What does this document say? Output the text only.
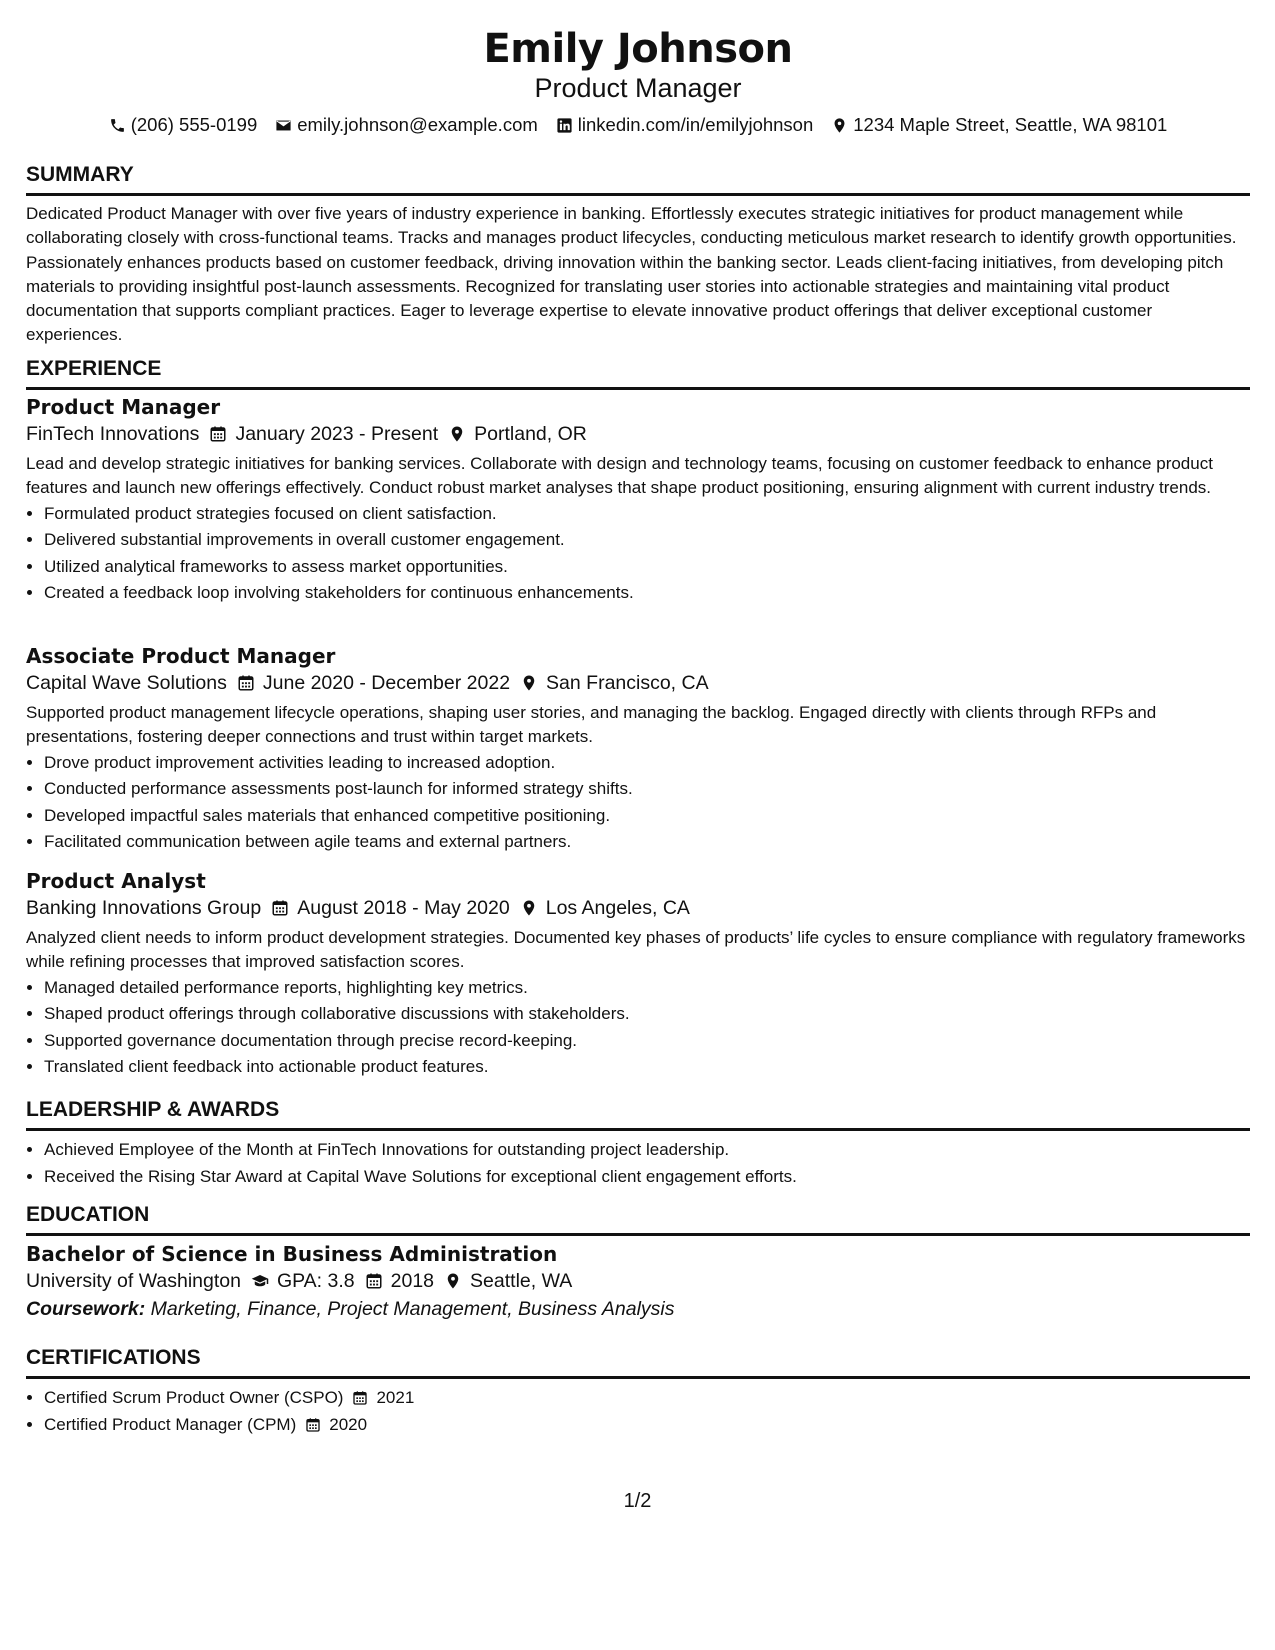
Emily Johnson

Product Manager

(206) 555-0199 emily.johnson@example.com linkedin.com/in/emilyjohnson 1234 Maple Street, Seattle, WA 98101
SUMMARY

Dedicated Product Manager with over five years of industry experience in banking. Effortlessly executes strategic initiatives for product management while collaborating closely with cross-functional teams. Tracks and manages product lifecycles, conducting meticulous market research to identify growth opportunities. Passionately enhances products based on customer feedback, driving innovation within the banking sector. Leads client-facing initiatives, from developing pitch materials to providing insightful post-launch assessments. Recognized for translating user stories into actionable strategies and maintaining vital product documentation that supports compliant practices. Eager to leverage expertise to elevate innovative product offerings that deliver exceptional customer experiences.

EXPERIENCE
Product Manager
FinTech Innovations January 2023 - Present Portland, OR

Lead and develop strategic initiatives for banking services. Collaborate with design and technology teams, focusing on customer feedback to enhance product features and launch new offerings effectively. Conduct robust market analyses that shape product positioning, ensuring alignment with current industry trends.

• Formulated product strategies focused on client satisfaction.
• Delivered substantial improvements in overall customer engagement.
• Utilized analytical frameworks to assess market opportunities.
• Created a feedback loop involving stakeholders for continuous enhancements.
Associate Product Manager
Capital Wave Solutions June 2020 - December 2022 San Francisco, CA

Supported product management lifecycle operations, shaping user stories, and managing the backlog. Engaged directly with clients through RFPs and presentations, fostering deeper connections and trust within target markets.

• Drove product improvement activities leading to increased adoption.
• Conducted performance assessments post-launch for informed strategy shifts.
• Developed impactful sales materials that enhanced competitive positioning.
• Facilitated communication between agile teams and external partners.
Product Analyst
Banking Innovations Group August 2018 - May 2020 Los Angeles, CA

Analyzed client needs to inform product development strategies. Documented key phases of products’ life cycles to ensure compliance with regulatory frameworks while refining processes that improved satisfaction scores.

• Managed detailed performance reports, highlighting key metrics.
• Shaped product offerings through collaborative discussions with stakeholders.
• Supported governance documentation through precise record-keeping.
• Translated client feedback into actionable product features.
LEADERSHIP & AWARDS
• Achieved Employee of the Month at FinTech Innovations for outstanding project leadership.
• Received the Rising Star Award at Capital Wave Solutions for exceptional client engagement efforts.
EDUCATION
Bachelor of Science in Business Administration
University of Washington GPA: 3.8 2018 Seattle, WA
Coursework: Marketing, Finance, Project Management, Business Analysis
CERTIFICATIONS
• Certified Scrum Product Owner (CSPO) 2021
• Certified Product Manager (CPM) 2020
1/2
